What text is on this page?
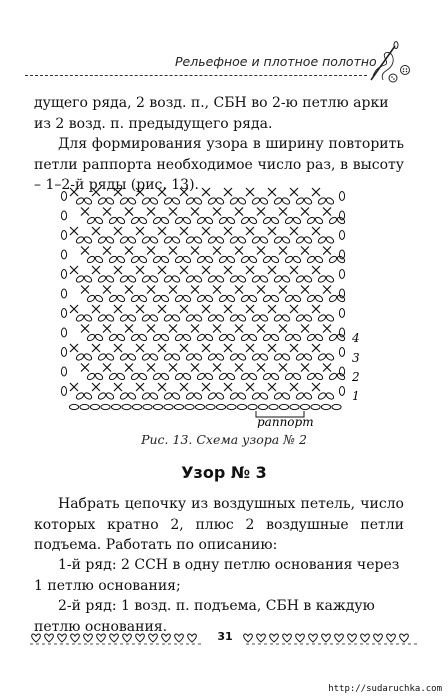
Рельефное и плотное полотно
дущего ряда, 2 возд. п., СБН во 2-ю петлю арки
из 2 возд. п. предыдущего ряда.
Для формирования узора в ширину повторить петли раппорта необходимое число раз, в высоту – 1–2-й ряды (рис. 13).
4
3
2
1
раппорт
Рис. 13. Схема узора № 2
Узор № 3
Набрать цепочку из воздушных петель, число которых кратно 2, плюс 2 воздушные петли подъема. Работать по описанию:
1-й ряд: 2 ССН в одну петлю основания через 1 петлю основания;
2-й ряд: 1 возд. п. подъема, СБН в каждую петлю основания.
31
http://sudaruchka.com
